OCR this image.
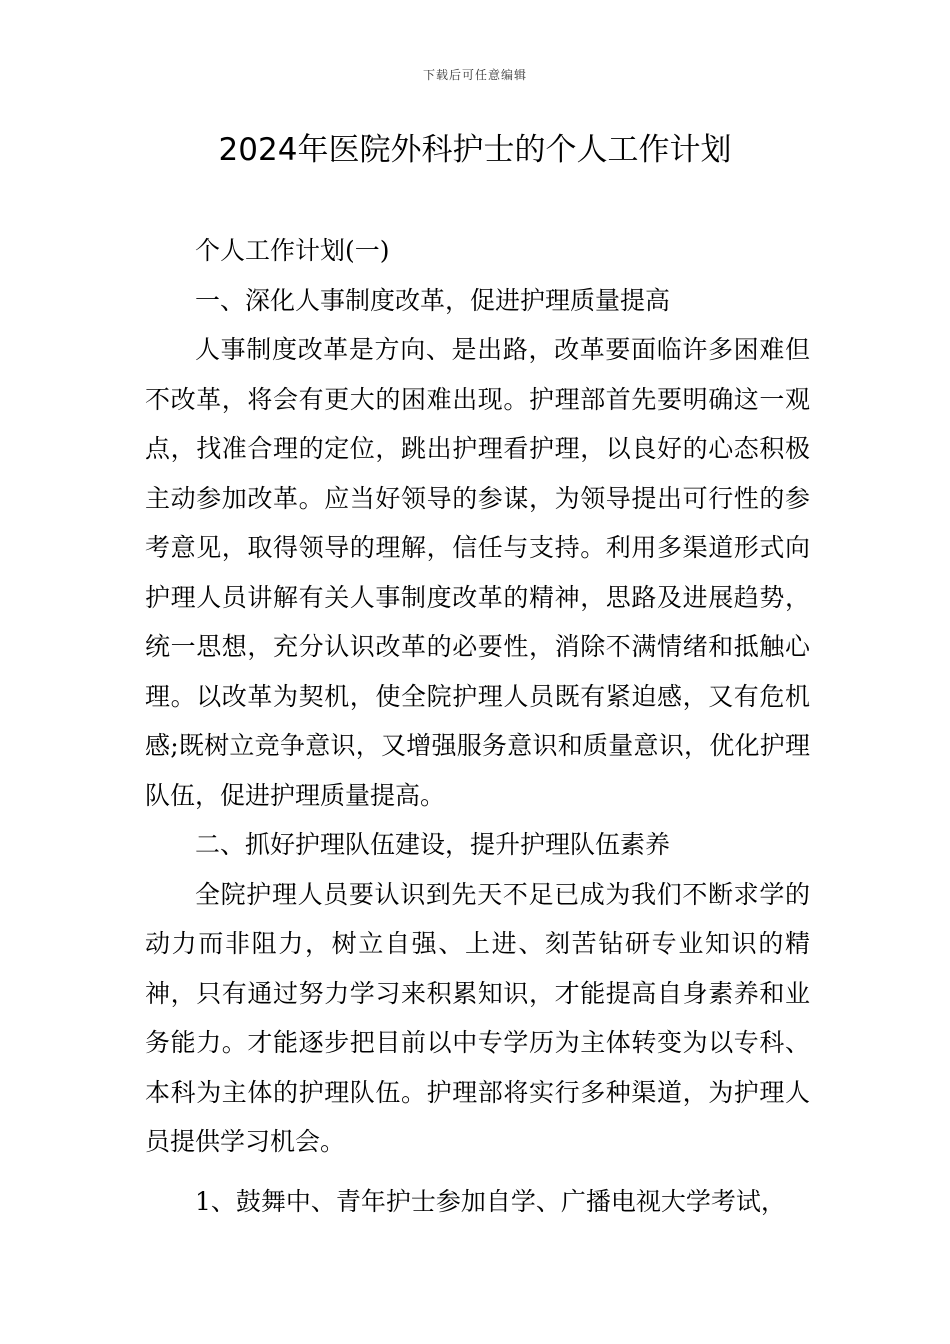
下载后可任意编辑
2024年医院外科护士的个人工作计划

个人工作计划(一)

一、深化人事制度改革，促进护理质量提高

人事制度改革是方向、是出路，改革要面临许多困难但不改革，将会有更大的困难出现。护理部首先要明确这一观点，找准合理的定位，跳出护理看护理，以良好的心态积极主动参加改革。应当好领导的参谋，为领导提出可行性的参考意见，取得领导的理解，信任与支持。利用多渠道形式向护理人员讲解有关人事制度改革的精神，思路及进展趋势，统一思想，充分认识改革的必要性，消除不满情绪和抵触心理。以改革为契机，使全院护理人员既有紧迫感，又有危机感;既树立竞争意识，又增强服务意识和质量意识，优化护理队伍，促进护理质量提高。

二、抓好护理队伍建设，提升护理队伍素养

全院护理人员要认识到先天不足已成为我们不断求学的动力而非阻力，树立自强、上进、刻苦钻研专业知识的精神，只有通过努力学习来积累知识，才能提高自身素养和业务能力。才能逐步把目前以中专学历为主体转变为以专科、本科为主体的护理队伍。护理部将实行多种渠道，为护理人员提供学习机会。

1、鼓舞中、青年护士参加自学、广播电视大学考试，
